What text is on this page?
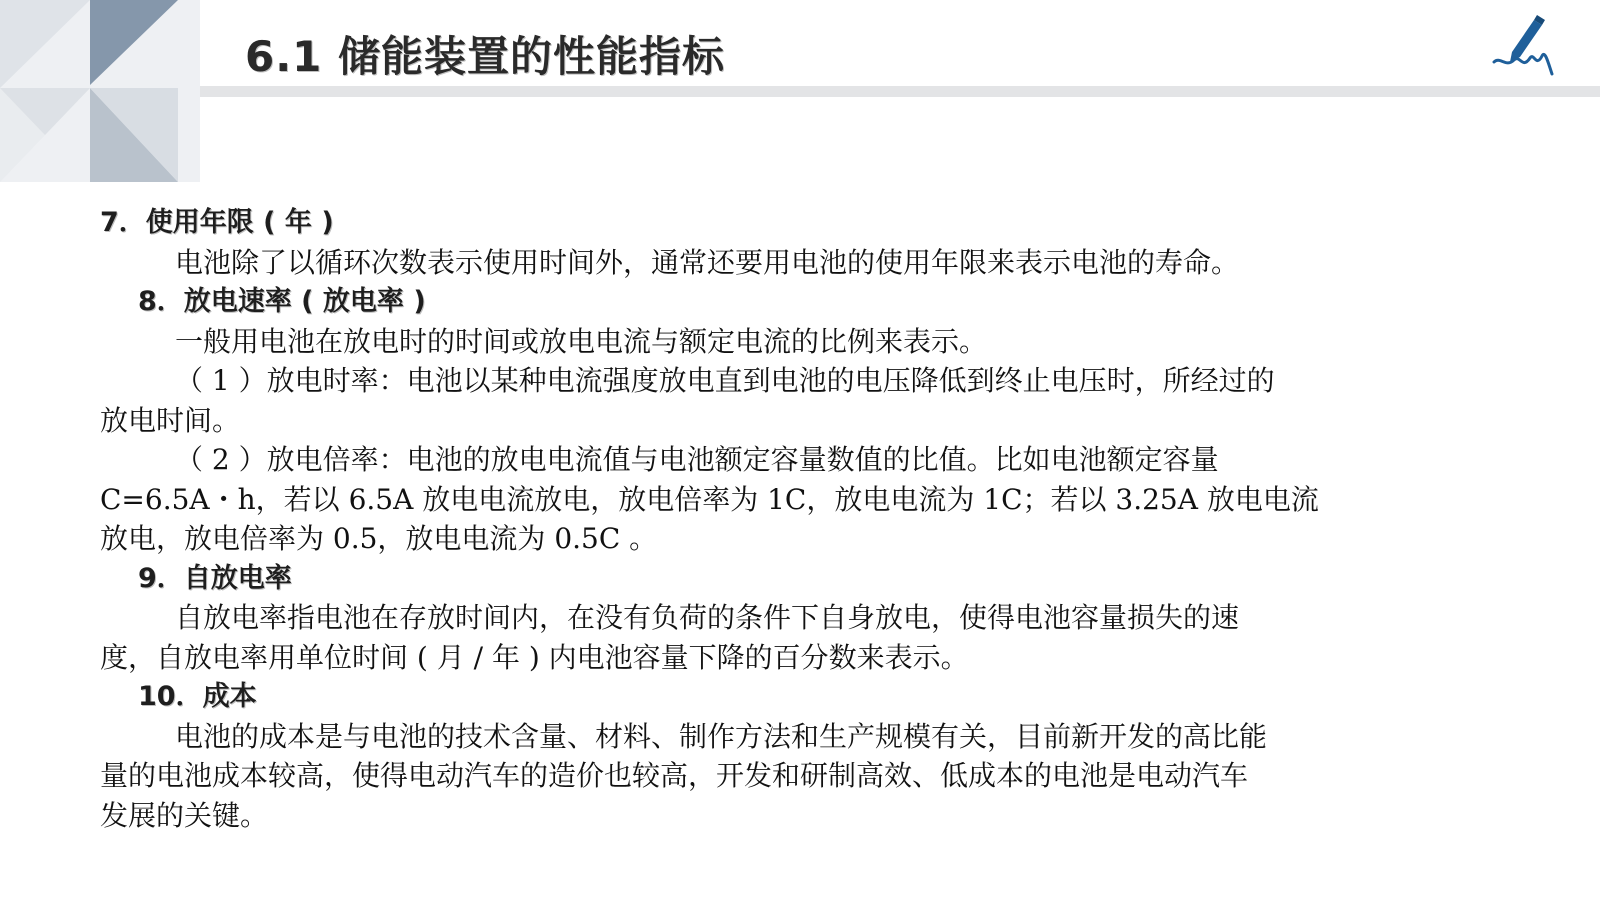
6.1 储能装置的性能指标
7．使用年限 ( 年 )
电池除了以循环次数表示使用时间外，通常还要用电池的使用年限来表示电池的寿命。
8．放电速率 ( 放电率 )
一般用电池在放电时的时间或放电电流与额定电流的比例来表示。
（ 1 ）放电时率：电池以某种电流强度放电直到电池的电压降低到终止电压时，所经过的
放电时间。
（ 2 ）放电倍率：电池的放电电流值与电池额定容量数值的比值。比如电池额定容量
C=6.5A・h，若以 6.5A 放电电流放电，放电倍率为 1C，放电电流为 1C；若以 3.25A 放电电流
放电，放电倍率为 0.5，放电电流为 0.5C 。
9．自放电率
自放电率指电池在存放时间内，在没有负荷的条件下自身放电，使得电池容量损失的速
度，自放电率用单位时间 ( 月 / 年 ) 内电池容量下降的百分数来表示。
10．成本
电池的成本是与电池的技术含量、材料、制作方法和生产规模有关，目前新开发的高比能
量的电池成本较高，使得电动汽车的造价也较高，开发和研制高效、低成本的电池是电动汽车
发展的关键。
